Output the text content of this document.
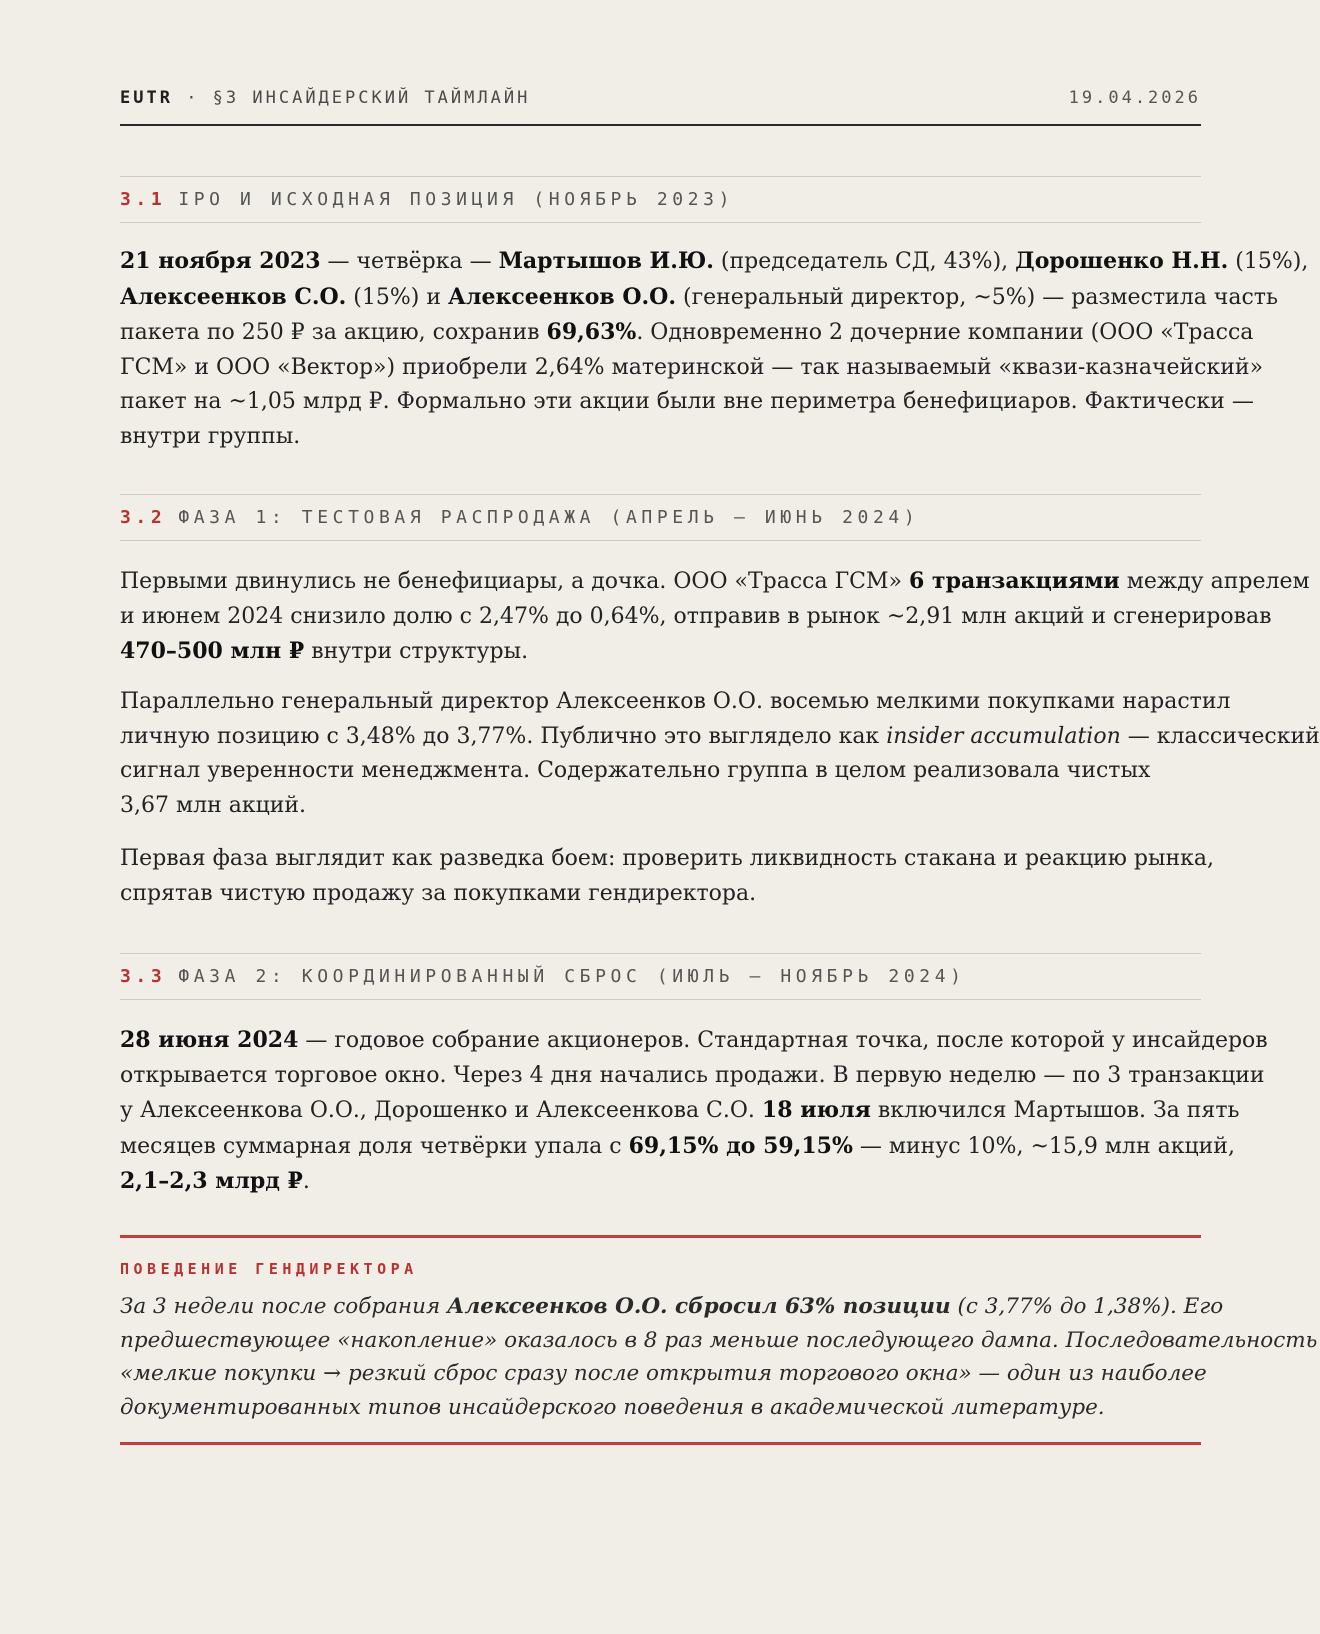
EUTR · §3 ИНСАЙДЕРСКИЙ ТАЙМЛАЙН	19.04.2026
3.1 IPO И ИСХОДНАЯ ПОЗИЦИЯ (НОЯБРЬ 2023)

21 ноября 2023 — четвёрка — Мартышов И.Ю. (председатель СД, 43%), Дорошенко Н.Н. (15%),
Алексеенков С.О. (15%) и Алексеенков О.О. (генеральный директор, ~5%) — разместила часть
пакета по 250 ₽ за акцию, сохранив 69,63%. Одновременно 2 дочерние компании (ООО «Трасса
ГСМ» и ООО «Вектор») приобрели 2,64% материнской — так называемый «квази-казначейский»
пакет на ~1,05 млрд ₽. Формально эти акции были вне периметра бенефициаров. Фактически —
внутри группы.

3.2 ФАЗА 1: ТЕСТОВАЯ РАСПРОДАЖА (АПРЕЛЬ — ИЮНЬ 2024)

Первыми двинулись не бенефициары, а дочка. ООО «Трасса ГСМ» 6 транзакциями между апрелем
и июнем 2024 снизило долю с 2,47% до 0,64%, отправив в рынок ~2,91 млн акций и сгенерировав
470–500 млн ₽ внутри структуры.

Параллельно генеральный директор Алексеенков О.О. восемью мелкими покупками нарастил
личную позицию с 3,48% до 3,77%. Публично это выглядело как insider accumulation — классический
сигнал уверенности менеджмента. Содержательно группа в целом реализовала чистых
3,67 млн акций.

Первая фаза выглядит как разведка боем: проверить ликвидность стакана и реакцию рынка,
спрятав чистую продажу за покупками гендиректора.

3.3 ФАЗА 2: КООРДИНИРОВАННЫЙ СБРОС (ИЮЛЬ — НОЯБРЬ 2024)

28 июня 2024 — годовое собрание акционеров. Стандартная точка, после которой у инсайдеров
открывается торговое окно. Через 4 дня начались продажи. В первую неделю — по 3 транзакции
у Алексеенкова О.О., Дорошенко и Алексеенкова С.О. 18 июля включился Мартышов. За пять
месяцев суммарная доля четвёрки упала с 69,15% до 59,15% — минус 10%, ~15,9 млн акций,
2,1–2,3 млрд ₽.

ПОВЕДЕНИЕ ГЕНДИРЕКТОРА

За 3 недели после собрания Алексеенков О.О. сбросил 63% позиции (с 3,77% до 1,38%). Его
предшествующее «накопление» оказалось в 8 раз меньше последующего дампа. Последовательность
«мелкие покупки → резкий сброс сразу после открытия торгового окна» — один из наиболее
документированных типов инсайдерского поведения в академической литературе.
